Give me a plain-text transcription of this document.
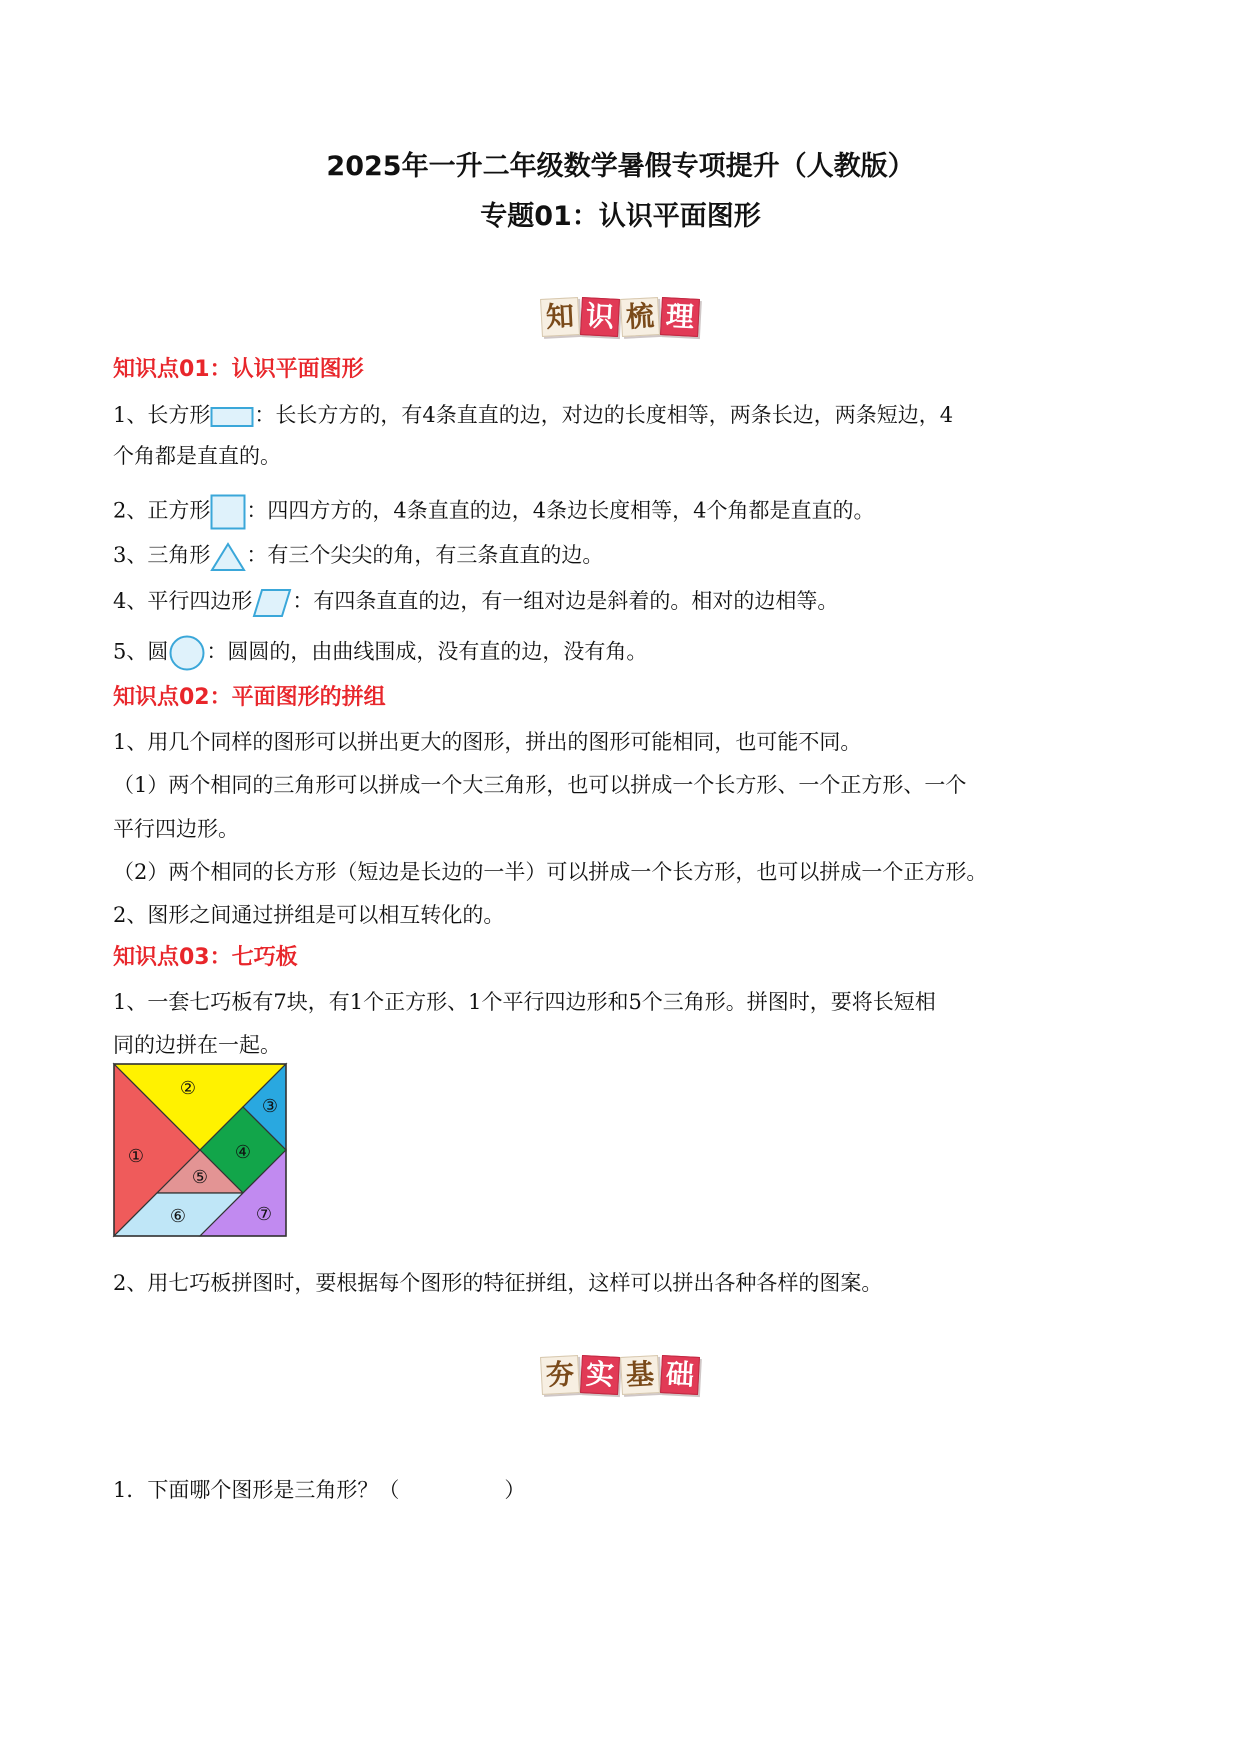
2025年一升二年级数学暑假专项提升（人教版）
专题01：认识平面图形
知 识 梳 理
知识点01：认识平面图形
1、长方形 ：长长方方的，有4条直直的边，对边的长度相等，两条长边，两条短边，4
个角都是直直的。
2、正方形 ：四四方方的，4条直直的边，4条边长度相等，4个角都是直直的。
3、三角形 ：有三个尖尖的角，有三条直直的边。
4、平行四边形 ：有四条直直的边，有一组对边是斜着的。相对的边相等。
5、圆 ：圆圆的，由曲线围成，没有直的边，没有角。
知识点02：平面图形的拼组
1、用几个同样的图形可以拼出更大的图形，拼出的图形可能相同，也可能不同。
（1）两个相同的三角形可以拼成一个大三角形，也可以拼成一个长方形、一个正方形、一个
平行四边形。
（2）两个相同的长方形（短边是长边的一半）可以拼成一个长方形，也可以拼成一个正方形。
2、图形之间通过拼组是可以相互转化的。
知识点03：七巧板
1、一套七巧板有7块，有1个正方形、1个平行四边形和5个三角形。拼图时，要将长短相
同的边拼在一起。
①
②
③
④
⑤
⑥	⑦
2、用七巧板拼图时，要根据每个图形的特征拼组，这样可以拼出各种各样的图案。
夯 实 基 础
1．下面哪个图形是三角形？（　　　　　）
